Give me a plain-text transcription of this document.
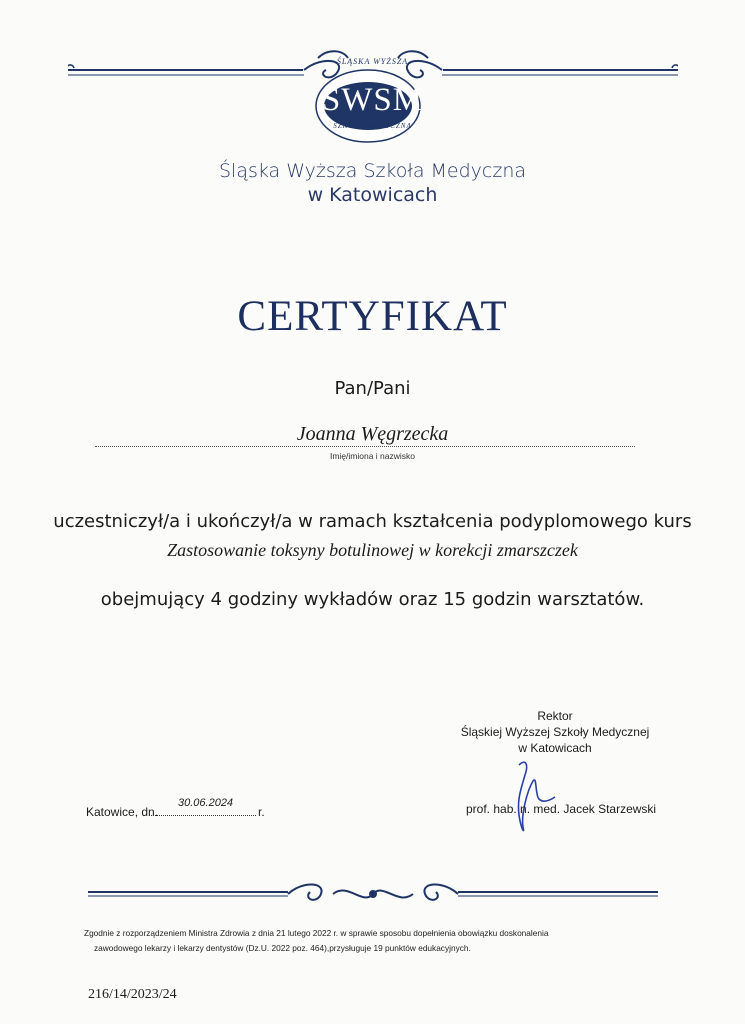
ŚLĄSKA WYŻSZA
SWSM
SZKOŁA MEDYCZNA
Śląska Wyższa Szkoła Medyczna
w Katowicach
CERTYFIKAT
Pan/Pani
Joanna Węgrzecka
Imię/imiona i nazwisko
uczestniczył/a i ukończył/a w ramach kształcenia podyplomowego kurs
Zastosowanie toksyny botulinowej w korekcji zmarszczek
obejmujący 4 godziny wykładów oraz 15 godzin warsztatów.
Rektor
Śląskiej Wyższej Szkoły Medycznej
w Katowicach
prof. hab. n. med. Jacek Starzewski
Katowice, dn.
30.06.2024
r.
Zgodnie z rozporządzeniem Ministra Zdrowia z dnia 21 lutego 2022 r. w sprawie sposobu dopełnienia obowiązku doskonalenia
zawodowego lekarzy i lekarzy dentystów (Dz.U. 2022 poz. 464),przysługuje 19 punktów edukacyjnych.
216/14/2023/24
